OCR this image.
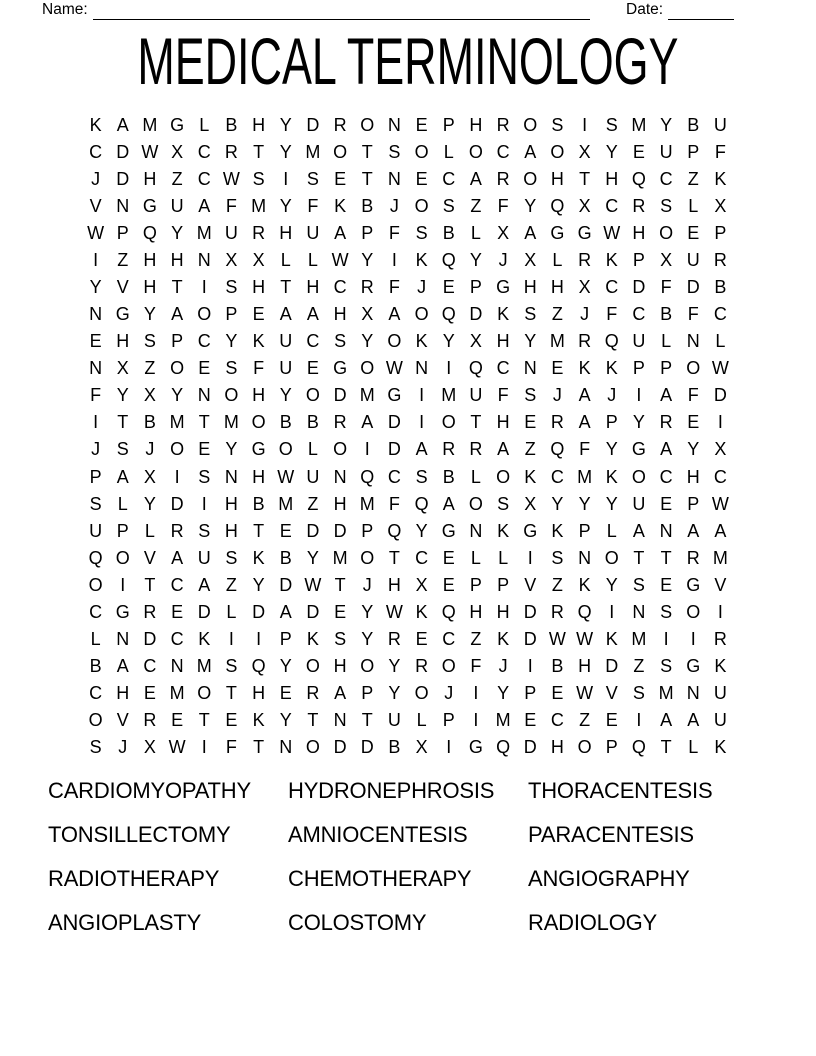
Name:	Date:
MEDICAL TERMINOLOGY
K A M G L B H Y D R O N E P H R O S	I	S M Y B U
C D W X C R T Y M O T S O L O C A O X Y E U P F
J D H Z C W S	I	S E T N E C A R O H T H Q C Z K
V N G U A F M Y F K B J O S Z F Y Q X C R S L X
W P Q Y M U R H U A P F S B L X A G G W H O E P
I	Z H H N X X L L W Y	I	K Q Y J X L R K P X U R
Y V H T	I	S H T H C R F J E P G H H X C D F D B
N G Y A O P E A A H X A O Q D K S Z J F C B F C
E H S P C Y K U C S Y O K Y X H Y M R Q U L N L
N X Z O E S F U E G O W N	I Q C N E K K P P O W
F Y X Y N O H Y O D M G I M U F S J A J	I	A F D
I	T B M T M O B B R A D	I O T H E R A P Y R E	I
J S J O E Y G O L O I	D A R R A Z Q F Y G A Y X
P A X	I	S N H W U N Q C S B L O K C M K O C H C
S L Y D	I	H B M Z H M F Q A O S X Y Y Y U E P W
U P L R S H T E D D P Q Y G N K G K P L A N A A
Q O V A U S K B Y M O T C E L L	I	S N O T T R M
O I	T C A Z Y D W T J H X E P P V Z K Y S E G V
C G R E D L D A D E Y W K Q H H D R Q I	N S O I
L N D C K	I	I	P K S Y R E C Z K D W W K M I	I	R
B A C N M S Q Y O H O Y R O F J	I	B H D Z S G K
C H E M O T H E R A P Y O J	I	Y P E W V S M N U
O V R E T E K Y T N T U L P	I M E C Z E	I	A A U
S J X W I	F T N O D D B X	I G Q D H O P Q T L K
CARDIOMYOPATHY	HYDRONEPHROSIS	THORACENTESIS
TONSILLECTOMY	AMNIOCENTESIS	PARACENTESIS
RADIOTHERAPY	CHEMOTHERAPY	ANGIOGRAPHY
ANGIOPLASTY	COLOSTOMY	RADIOLOGY
